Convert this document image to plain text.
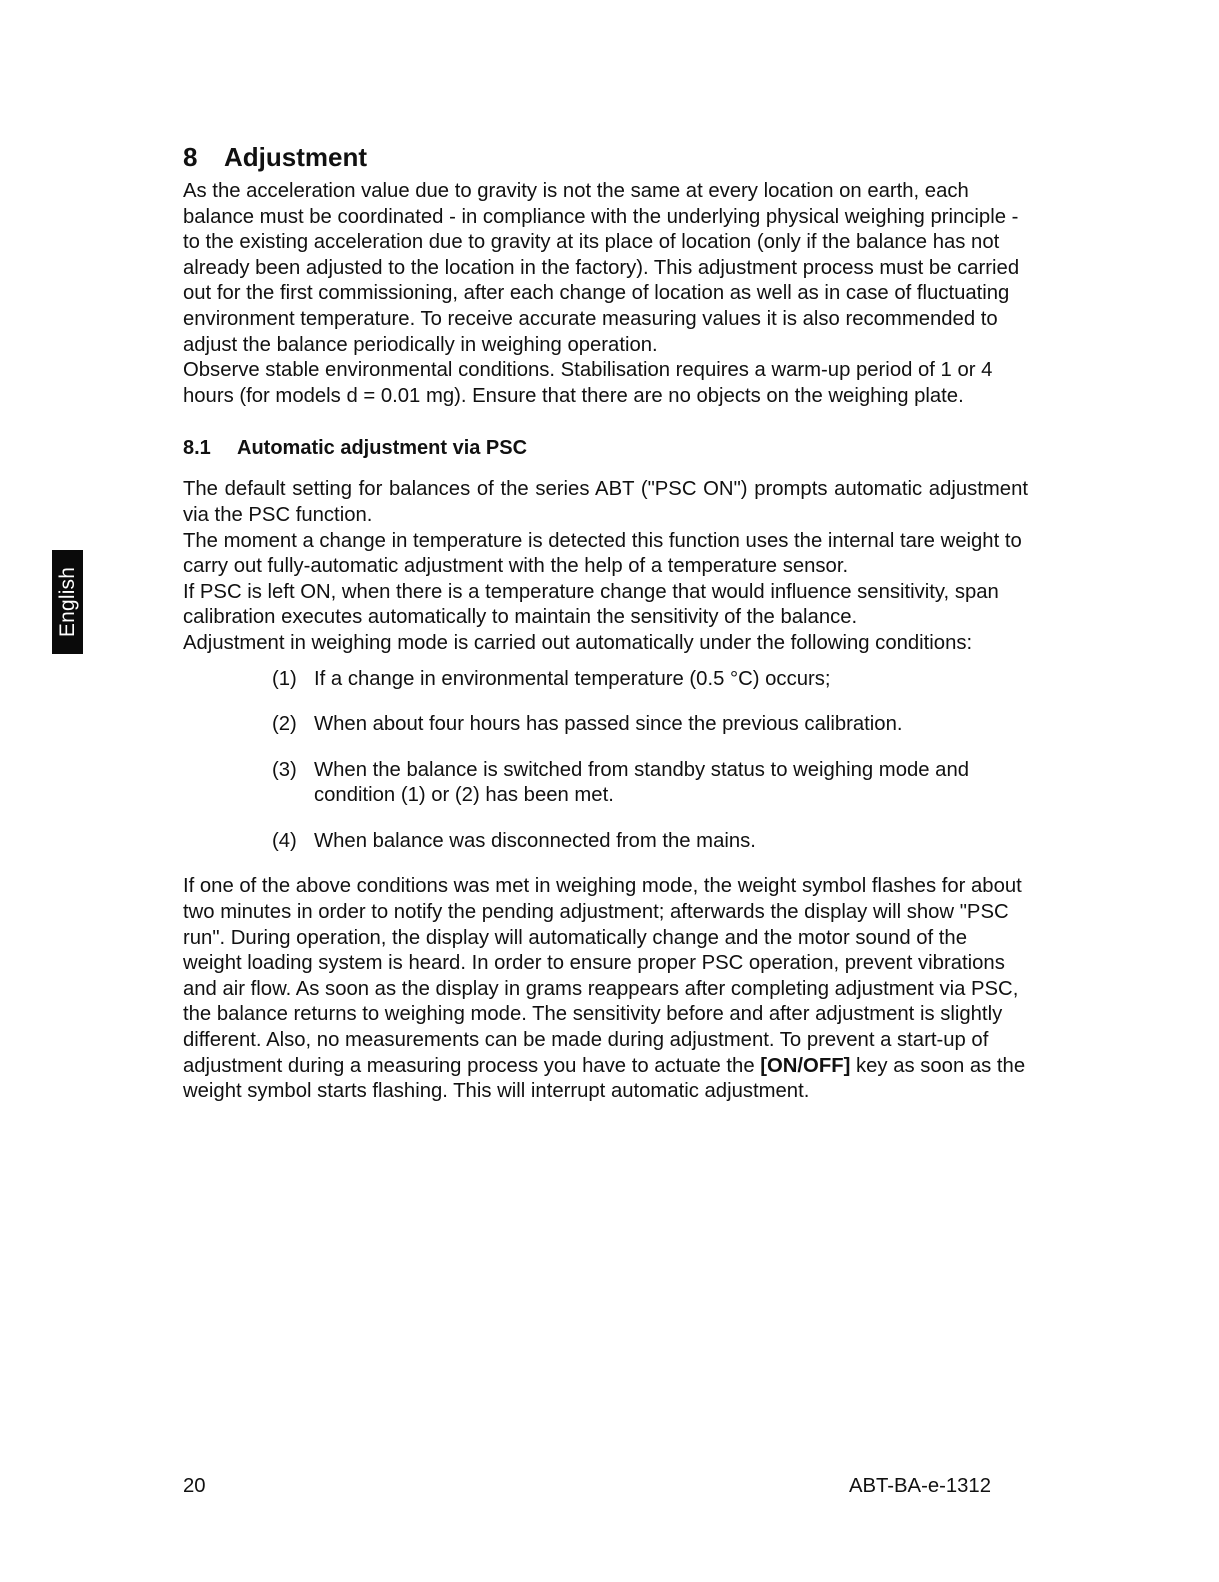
English
8 Adjustment

As the acceleration value due to gravity is not the same at every location on earth, each balance must be coordinated - in compliance with the underlying physical weighing principle - to the existing acceleration due to gravity at its place of location (only if the balance has not already been adjusted to the location in the factory). This adjustment process must be carried out for the first commissioning, after each change of location as well as in case of fluctuating environment temperature. To receive accurate measuring values it is also recommended to adjust the balance periodically in weighing operation.

Observe stable environmental conditions. Stabilisation requires a warm-up period of 1 or 4 hours (for models d = 0.01 mg). Ensure that there are no objects on the weighing plate.

8.1 Automatic adjustment via PSC

The default setting for balances of the series ABT ("PSC ON") prompts automatic adjustment via the PSC function.

The moment a change in temperature is detected this function uses the internal tare weight to carry out fully-automatic adjustment with the help of a temperature sensor.

If PSC is left ON, when there is a temperature change that would influence sensitivity, span calibration executes automatically to maintain the sensitivity of the balance.

Adjustment in weighing mode is carried out automatically under the following conditions:

(1) If a change in environmental temperature (0.5 °C) occurs;
(2) When about four hours has passed since the previous calibration.
(3) When the balance is switched from standby status to weighing mode and condition (1) or (2) has been met.
(4) When balance was disconnected from the mains.

If one of the above conditions was met in weighing mode, the weight symbol flashes for about two minutes in order to notify the pending adjustment; afterwards the display will show "PSC run". During operation, the display will automatically change and the motor sound of the weight loading system is heard. In order to ensure proper PSC operation, prevent vibrations and air flow. As soon as the display in grams reappears after completing adjustment via PSC, the balance returns to weighing mode. The sensitivity before and after adjustment is slightly different. Also, no measurements can be made during adjustment. To prevent a start-up of adjustment during a measuring process you have to actuate the [ON/OFF] key as soon as the weight symbol starts flashing. This will interrupt automatic adjustment.

20	ABT-BA-e-1312
